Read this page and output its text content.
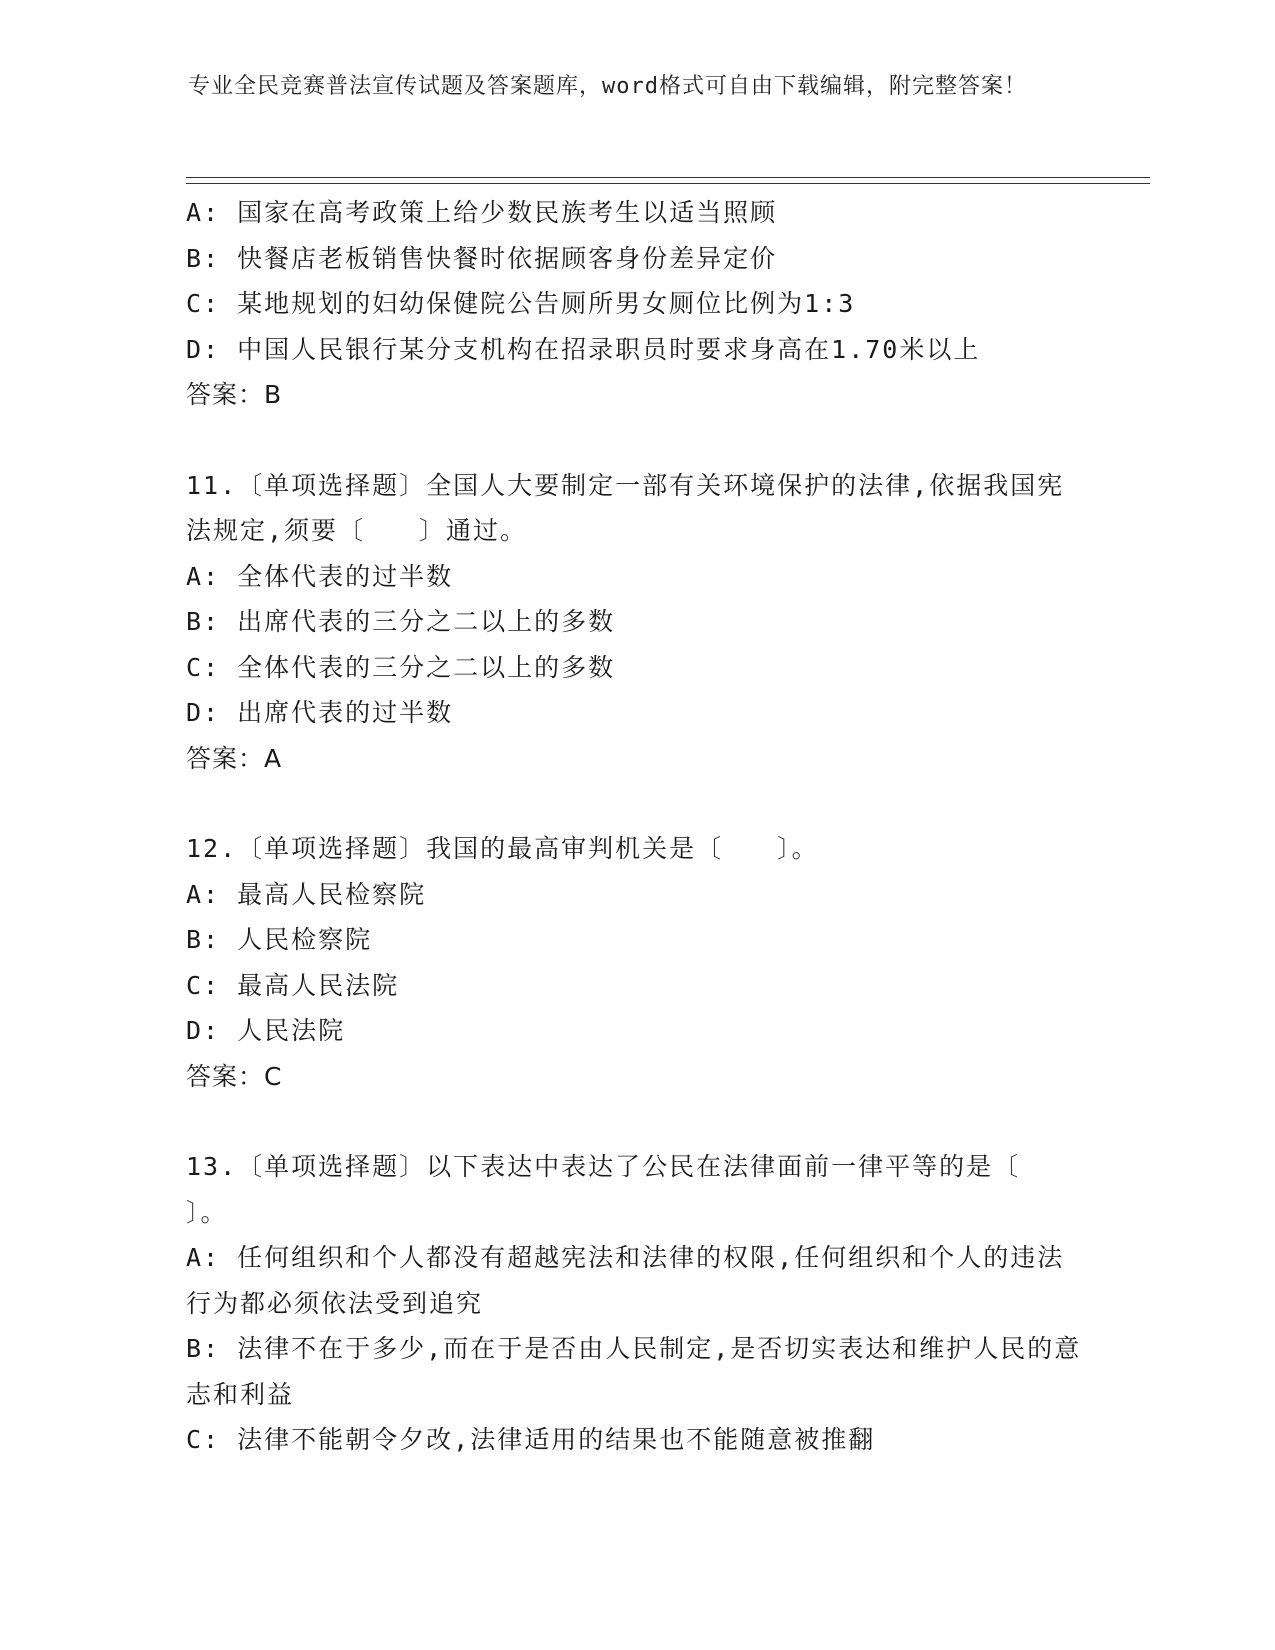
专业全民竞赛普法宣传试题及答案题库，word格式可自由下载编辑，附完整答案！
A: 国家在高考政策上给少数民族考生以适当照顾
B: 快餐店老板销售快餐时依据顾客身份差异定价
C: 某地规划的妇幼保健院公告厕所男女厕位比例为1:3
D: 中国人民银行某分支机构在招录职员时要求身高在1.70米以上
答案：B
11.〔单项选择题〕全国人大要制定一部有关环境保护的法律,依据我国宪法规定,须要〔　　〕通过。
A: 全体代表的过半数
B: 出席代表的三分之二以上的多数
C: 全体代表的三分之二以上的多数
D: 出席代表的过半数
答案：A
12.〔单项选择题〕我国的最高审判机关是〔　　〕。
A: 最高人民检察院
B: 人民检察院
C: 最高人民法院
D: 人民法院
答案：C
13.〔单项选择题〕以下表达中表达了公民在法律面前一律平等的是〔　　〕。
A: 任何组织和个人都没有超越宪法和法律的权限,任何组织和个人的违法行为都必须依法受到追究
B: 法律不在于多少,而在于是否由人民制定,是否切实表达和维护人民的意志和利益
C: 法律不能朝令夕改,法律适用的结果也不能随意被推翻
